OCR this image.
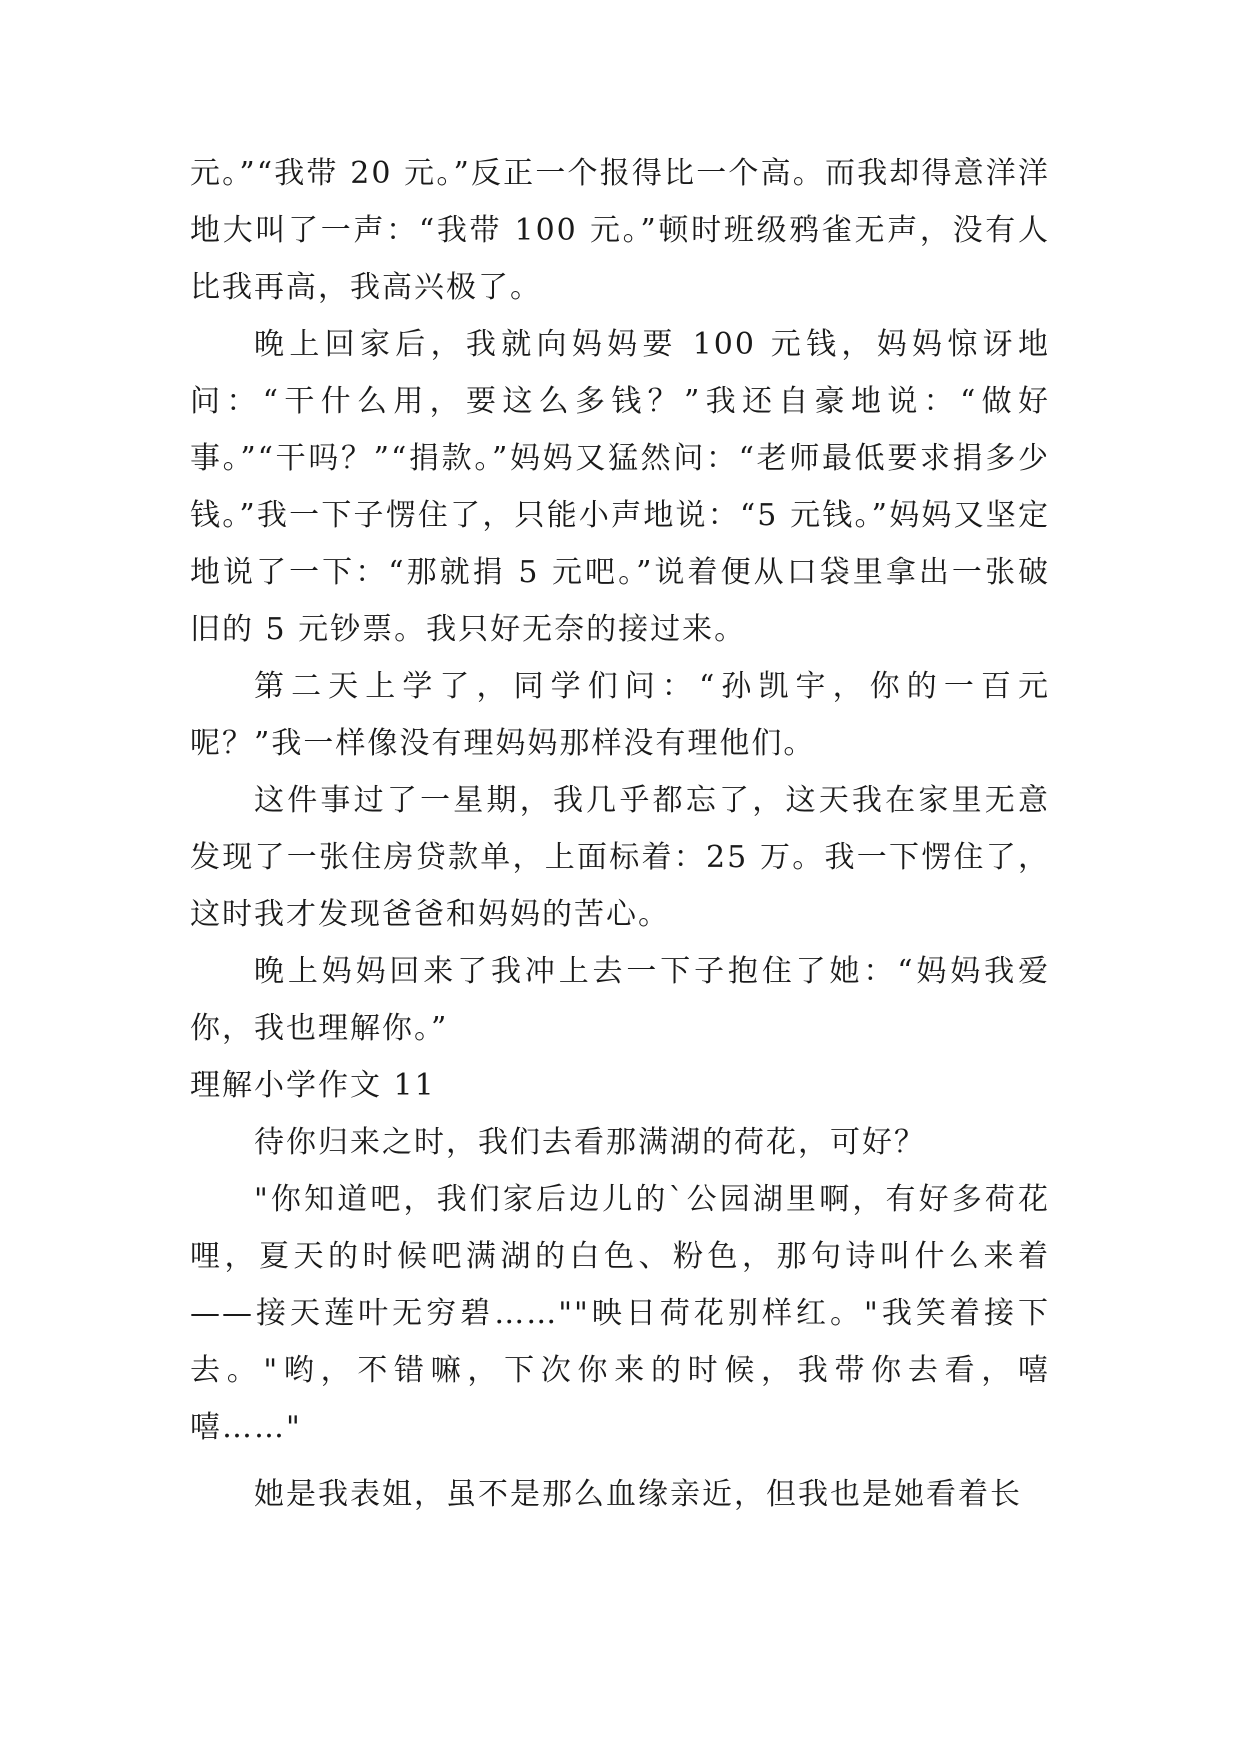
元。”“我带 20 元。”反正一个报得比一个高。而我却得意洋洋地大叫了一声：“我带 100 元。”顿时班级鸦雀无声，没有人比我再高，我高兴极了。

晚上回家后，我就向妈妈要 100 元钱，妈妈惊讶地问：“干什么用，要这么多钱？”我还自豪地说：“做好事。”“干吗？”“捐款。”妈妈又猛然问：“老师最低要求捐多少钱。”我一下子愣住了，只能小声地说：“5 元钱。”妈妈又坚定地说了一下：“那就捐 5 元吧。”说着便从口袋里拿出一张破旧的 5 元钞票。我只好无奈的接过来。

第二天上学了，同学们问：“孙凯宇，你的一百元呢？”我一样像没有理妈妈那样没有理他们。

这件事过了一星期，我几乎都忘了，这天我在家里无意发现了一张住房贷款单，上面标着：25 万。我一下愣住了，这时我才发现爸爸和妈妈的苦心。

晚上妈妈回来了我冲上去一下子抱住了她：“妈妈我爱你，我也理解你。”

理解小学作文 11

待你归来之时，我们去看那满湖的荷花，可好？

"你知道吧，我们家后边儿的`公园湖里啊，有好多荷花哩，夏天的时候吧满湖的白色、粉色，那句诗叫什么来着——接天莲叶无穷碧……""映日荷花别样红。"我笑着接下去。"哟，不错嘛，下次你来的时候，我带你去看，嘻嘻……"

她是我表姐，虽不是那么血缘亲近，但我也是她看着长
